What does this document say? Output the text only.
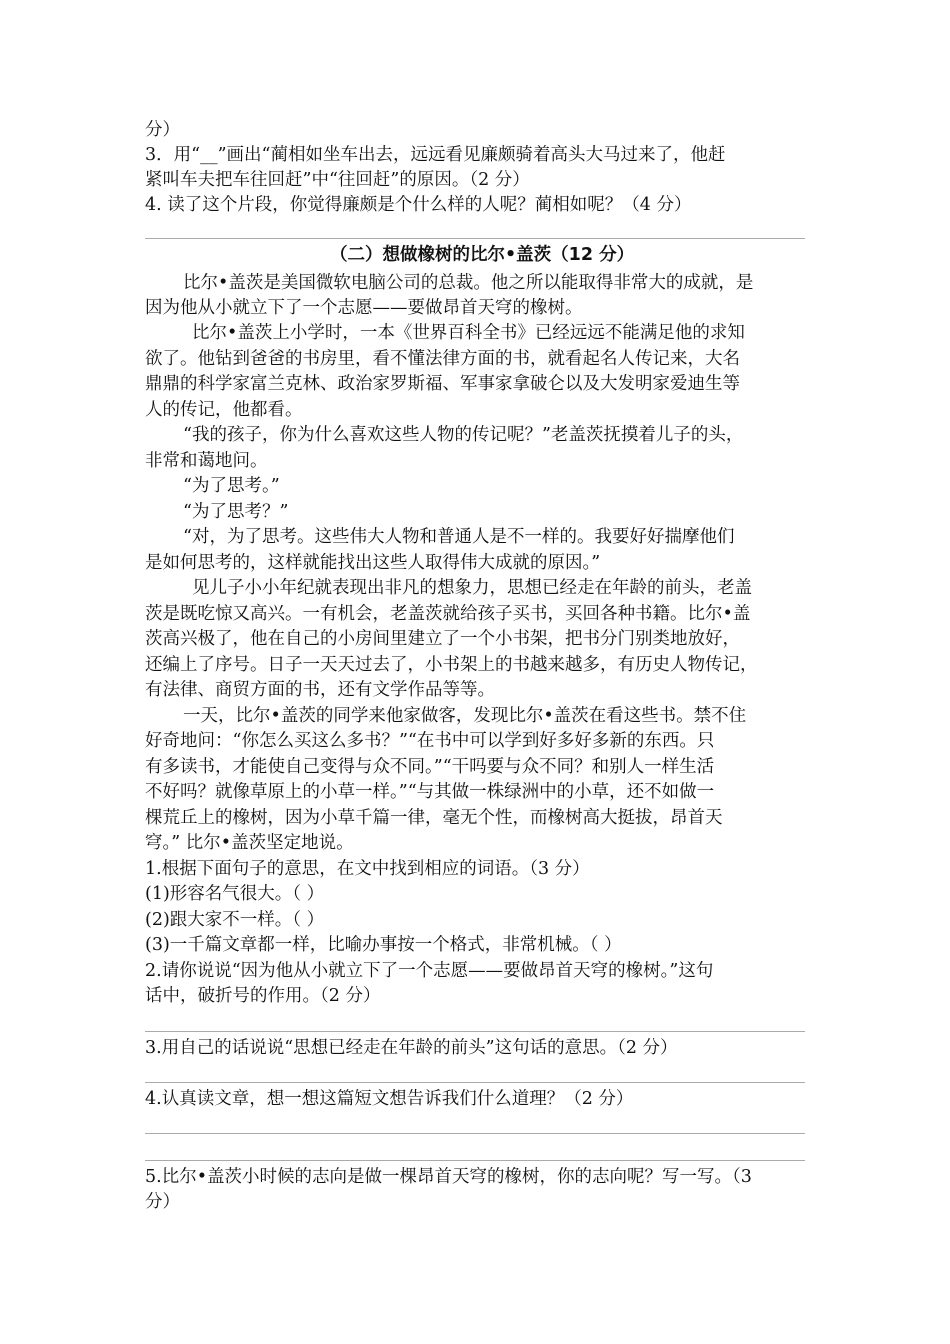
分）
3．用“__”画出“蔺相如坐车出去，远远看见廉颇骑着高头大马过来了，他赶
紧叫车夫把车往回赶”中“往回赶”的原因。（2 分）
4. 读了这个片段，你觉得廉颇是个什么样的人呢？蔺相如呢？（4 分）
（二）想做橡树的比尔•盖茨（12 分）
比尔•盖茨是美国微软电脑公司的总裁。他之所以能取得非常大的成就，是
因为他从小就立下了一个志愿——要做昂首天穹的橡树。
比尔•盖茨上小学时，一本《世界百科全书》已经远远不能满足他的求知
欲了。他钻到爸爸的书房里，看不懂法律方面的书，就看起名人传记来，大名
鼎鼎的科学家富兰克林、政治家罗斯福、军事家拿破仑以及大发明家爱迪生等
人的传记，他都看。
“我的孩子，你为什么喜欢这些人物的传记呢？”老盖茨抚摸着儿子的头，
非常和蔼地问。
“为了思考。”
“为了思考？”
“对，为了思考。这些伟大人物和普通人是不一样的。我要好好揣摩他们
是如何思考的，这样就能找出这些人取得伟大成就的原因。”
见儿子小小年纪就表现出非凡的想象力，思想已经走在年龄的前头，老盖
茨是既吃惊又高兴。一有机会，老盖茨就给孩子买书，买回各种书籍。比尔•盖
茨高兴极了，他在自己的小房间里建立了一个小书架，把书分门别类地放好，
还编上了序号。日子一天天过去了，小书架上的书越来越多，有历史人物传记，
有法律、商贸方面的书，还有文学作品等等。
一天，比尔•盖茨的同学来他家做客，发现比尔•盖茨在看这些书。禁不住
好奇地问：“你怎么买这么多书？”“在书中可以学到好多好多新的东西。只
有多读书，才能使自己变得与众不同。”“干吗要与众不同？和别人一样生活
不好吗？就像草原上的小草一样。”“与其做一株绿洲中的小草，还不如做一
棵荒丘上的橡树，因为小草千篇一律，毫无个性，而橡树高大挺拔，昂首天
穹。” 比尔•盖茨坚定地说。
1.根据下面句子的意思，在文中找到相应的词语。（3 分）
(1)形容名气很大。（ ）
(2)跟大家不一样。（ ）
(3)一千篇文章都一样，比喻办事按一个格式，非常机械。（ ）
2.请你说说“因为他从小就立下了一个志愿——要做昂首天穹的橡树。”这句
话中，破折号的作用。（2 分）
3.用自己的话说说“思想已经走在年龄的前头”这句话的意思。（2 分）
4.认真读文章，想一想这篇短文想告诉我们什么道理？（2 分）
5.比尔•盖茨小时候的志向是做一棵昂首天穹的橡树，你的志向呢？写一写。（3
分）
